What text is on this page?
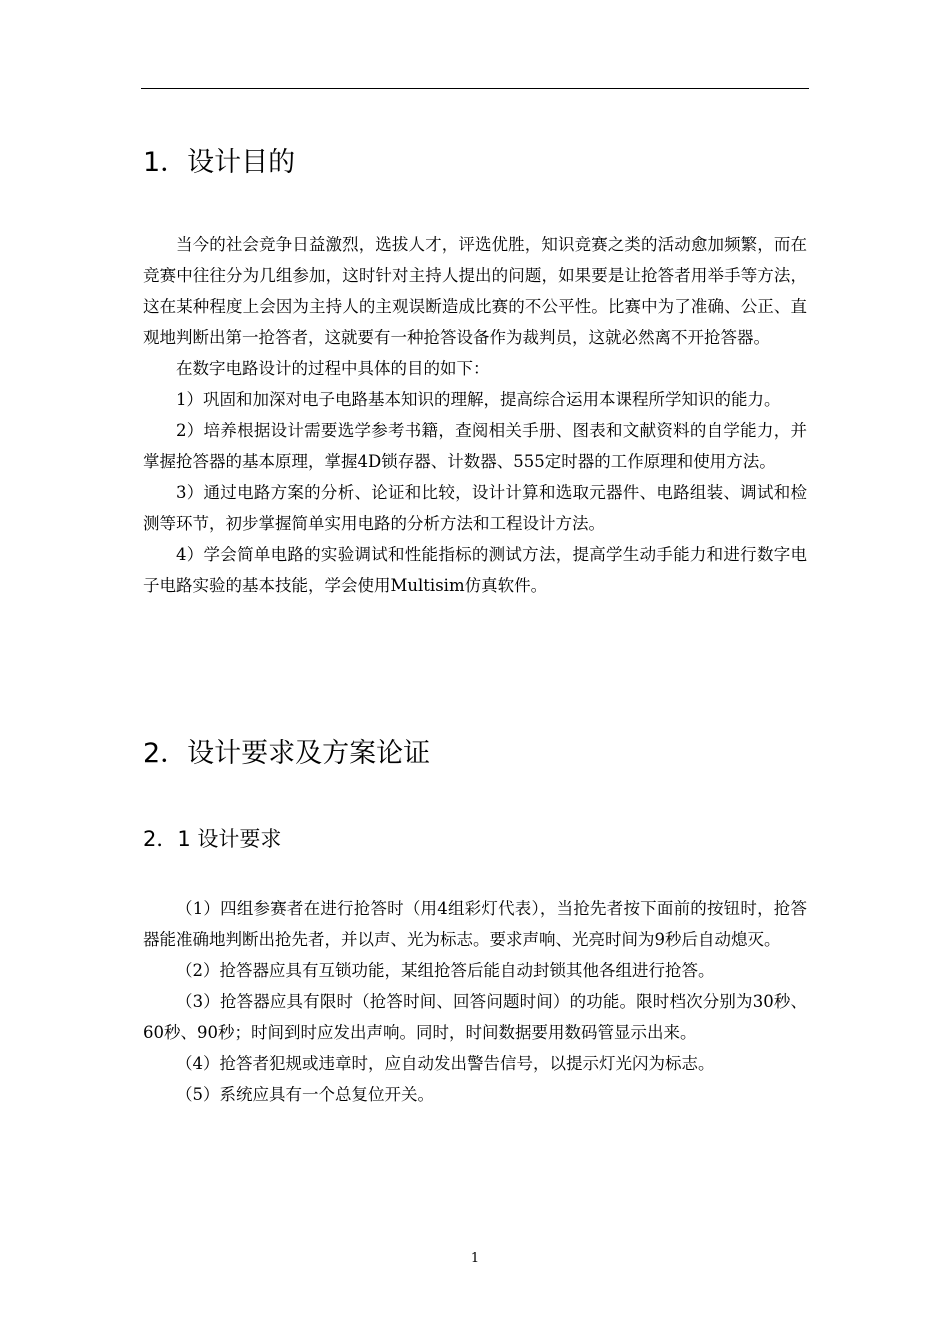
1．设计目的

当今的社会竞争日益激烈，选拔人才，评选优胜，知识竞赛之类的活动愈加频繁，而在竞赛中往往分为几组参加，这时针对主持人提出的问题，如果要是让抢答者用举手等方法，这在某种程度上会因为主持人的主观误断造成比赛的不公平性。比赛中为了准确、公正、直观地判断出第一抢答者，这就要有一种抢答设备作为裁判员，这就必然离不开抢答器。

在数字电路设计的过程中具体的目的如下：

1）巩固和加深对电子电路基本知识的理解，提高综合运用本课程所学知识的能力。

2）培养根据设计需要选学参考书籍，查阅相关手册、图表和文献资料的自学能力，并掌握抢答器的基本原理，掌握4D锁存器、计数器、555定时器的工作原理和使用方法。

3）通过电路方案的分析、论证和比较，设计计算和选取元器件、电路组装、调试和检测等环节，初步掌握简单实用电路的分析方法和工程设计方法。

4）学会简单电路的实验调试和性能指标的测试方法，提高学生动手能力和进行数字电子电路实验的基本技能，学会使用Multisim仿真软件。

2．设计要求及方案论证
2．1 设计要求

（1）四组参赛者在进行抢答时（用4组彩灯代表），当抢先者按下面前的按钮时，抢答器能准确地判断出抢先者，并以声、光为标志。要求声响、光亮时间为9秒后自动熄灭。

（2）抢答器应具有互锁功能，某组抢答后能自动封锁其他各组进行抢答。

（3）抢答器应具有限时（抢答时间、回答问题时间）的功能。限时档次分别为30秒、60秒、90秒；时间到时应发出声响。同时，时间数据要用数码管显示出来。

（4）抢答者犯规或违章时，应自动发出警告信号，以提示灯光闪为标志。

（5）系统应具有一个总复位开关。

1
